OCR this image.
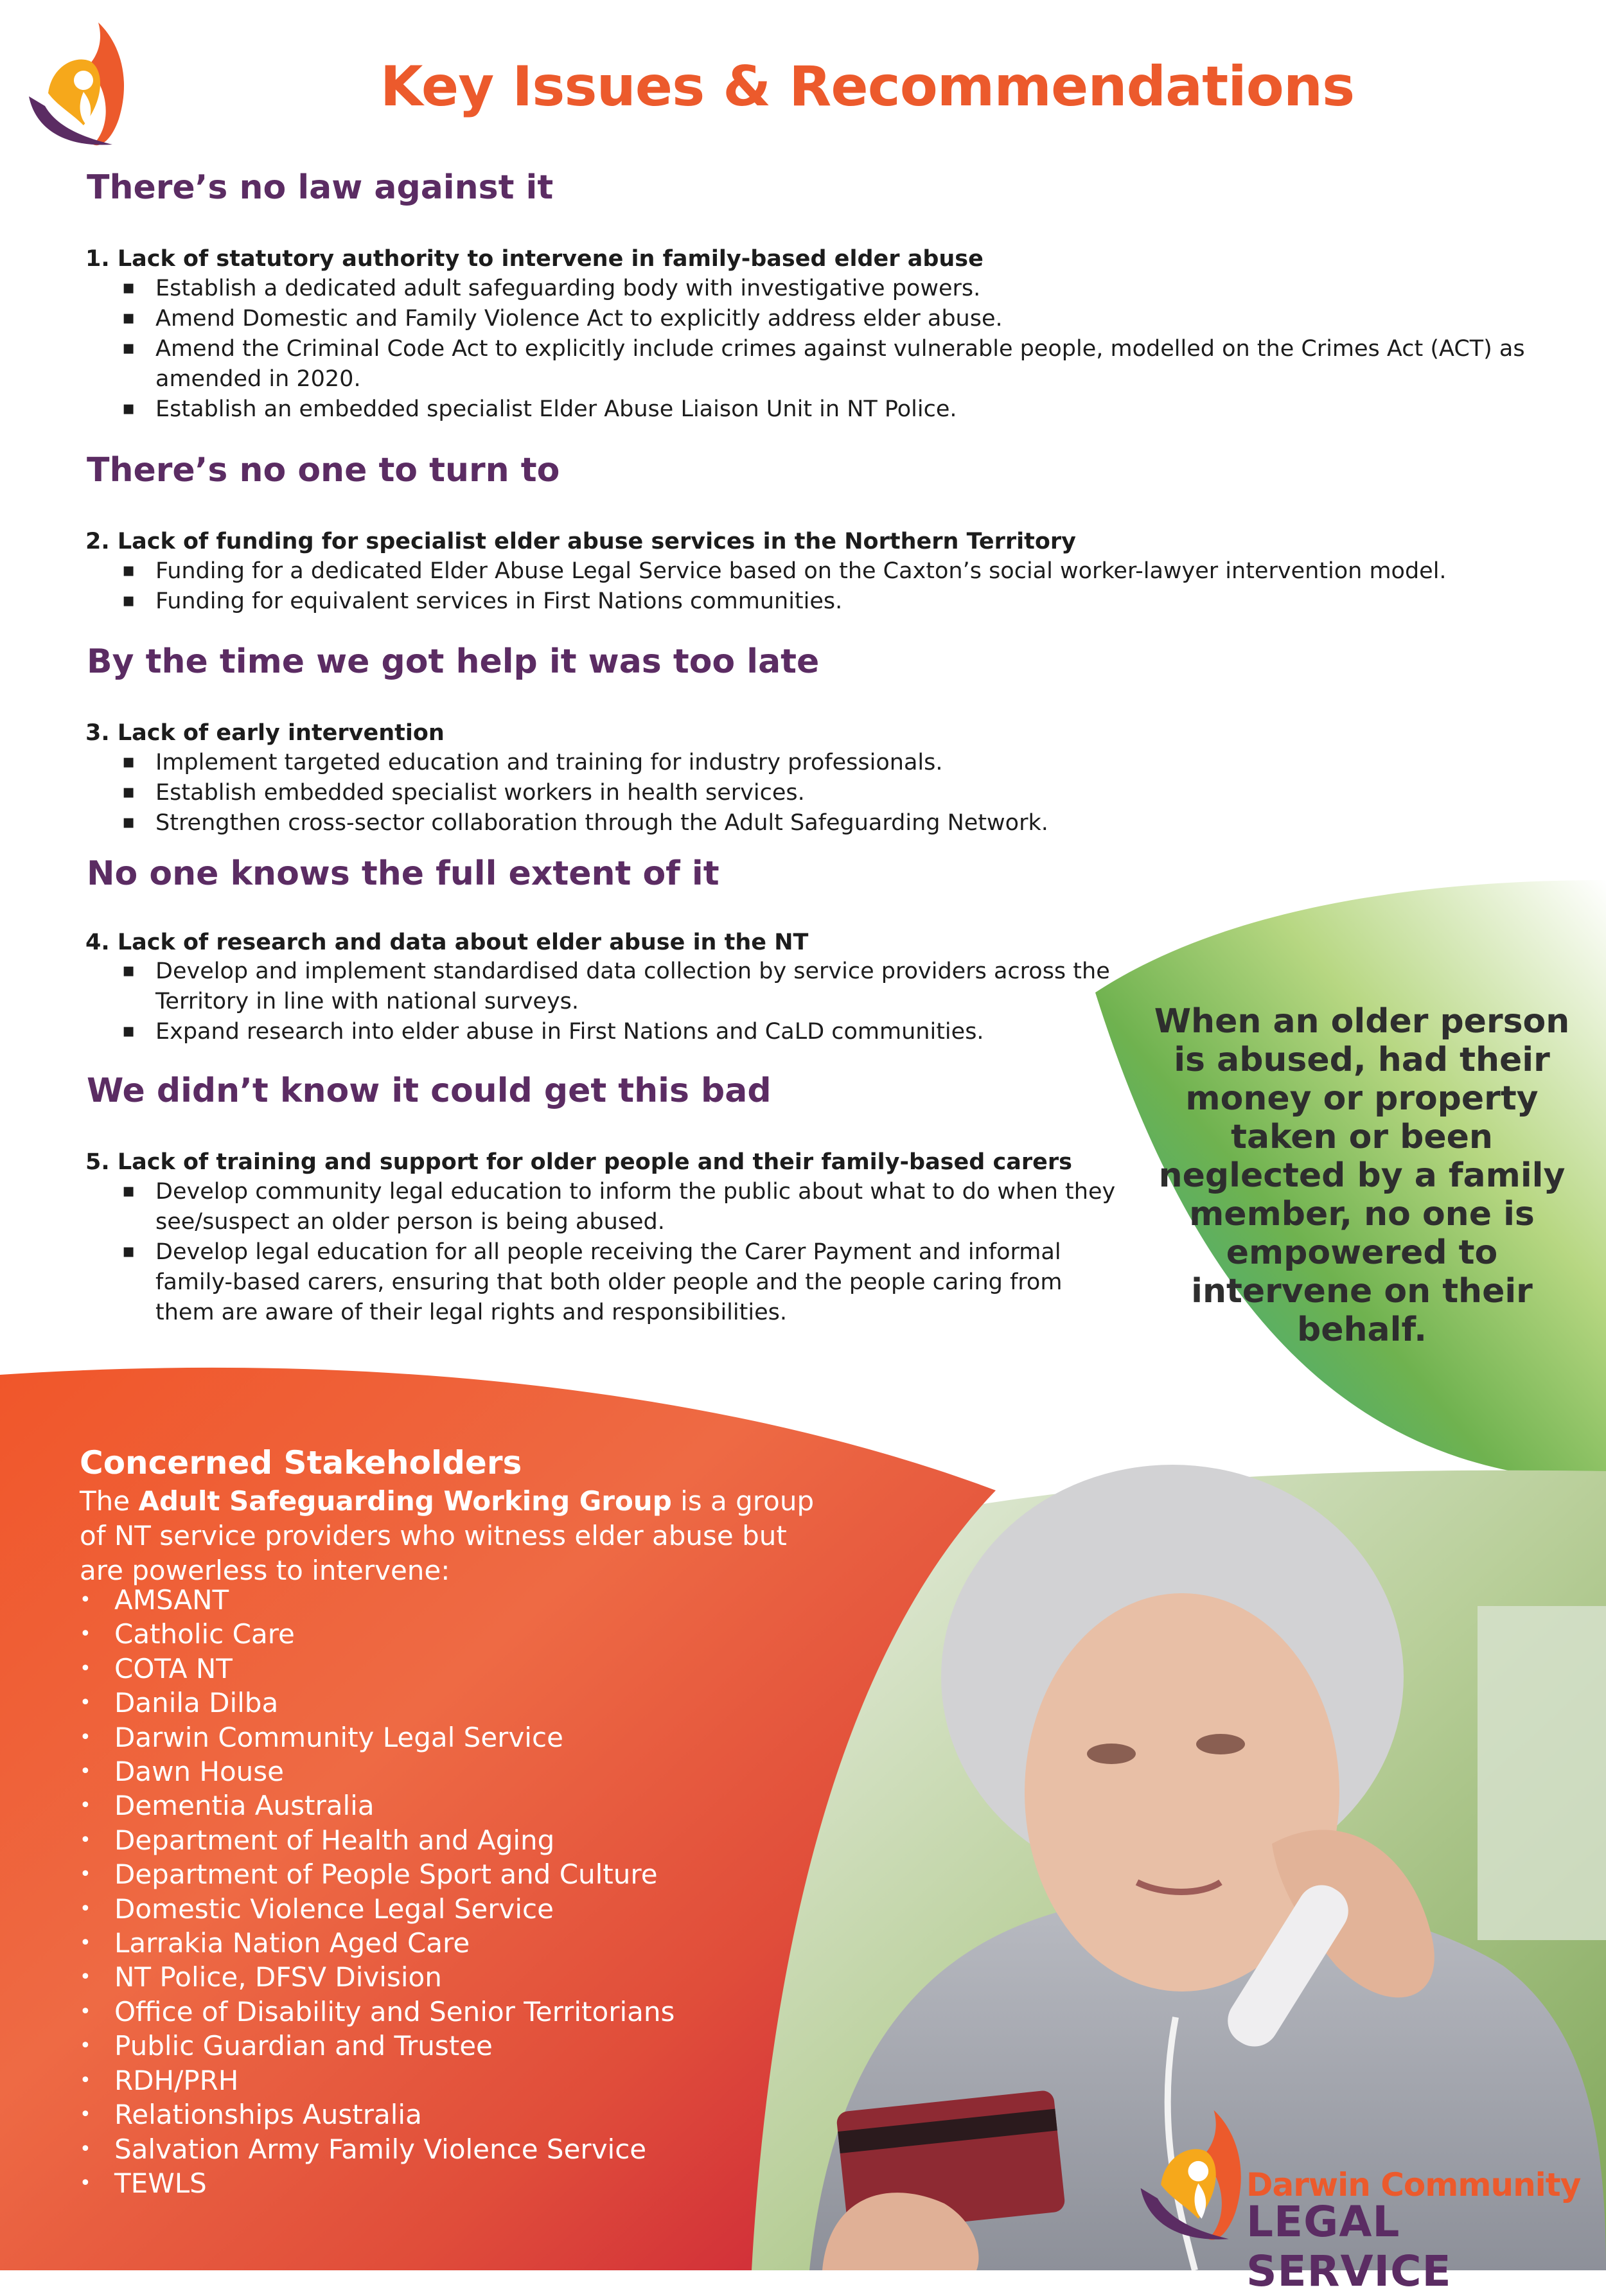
Key Issues & Recommendations
When an older person is abused, had their money or property taken or been neglected by a family member, no one is empowered to intervene on their behalf.
There’s no law against it

1. Lack of statutory authority to intervene in family-based elder abuse

▪ Establish a dedicated adult safeguarding body with investigative powers.
▪ Amend Domestic and Family Violence Act to explicitly address elder abuse.
▪ Amend the Criminal Code Act to explicitly include crimes against vulnerable people, modelled on the Crimes Act (ACT) as amended in 2020.
▪ Establish an embedded specialist Elder Abuse Liaison Unit in NT Police.
There’s no one to turn to

2. Lack of funding for specialist elder abuse services in the Northern Territory

▪ Funding for a dedicated Elder Abuse Legal Service based on the Caxton’s social worker-lawyer intervention model.
▪ Funding for equivalent services in First Nations communities.
By the time we got help it was too late

3. Lack of early intervention

▪ Implement targeted education and training for industry professionals.
▪ Establish embedded specialist workers in health services.
▪ Strengthen cross-sector collaboration through the Adult Safeguarding Network.
No one knows the full extent of it

4. Lack of research and data about elder abuse in the NT

▪ Develop and implement standardised data collection by service providers across the Territory in line with national surveys.
▪ Expand research into elder abuse in First Nations and CaLD communities.
We didn’t know it could get this bad

5. Lack of training and support for older people and their family-based carers

▪ Develop community legal education to inform the public about what to do when they see/suspect an older person is being abused.
▪ Develop legal education for all people receiving the Carer Payment and informal family-based carers, ensuring that both older people and the people caring from them are aware of their legal rights and responsibilities.
Concerned Stakeholders
The Adult Safeguarding Working Group is a group of NT service providers who witness elder abuse but are powerless to intervene:
• AMSANT
• Catholic Care
• COTA NT
• Danila Dilba
• Darwin Community Legal Service
• Dawn House
• Dementia Australia
• Department of Health and Aging
• Department of People Sport and Culture
• Domestic Violence Legal Service
• Larrakia Nation Aged Care
• NT Police, DFSV Division
• Office of Disability and Senior Territorians
• Public Guardian and Trustee
• RDH/PRH
• Relationships Australia
• Salvation Army Family Violence Service
• TEWLS	Darwin Community
LEGAL SERVICE
